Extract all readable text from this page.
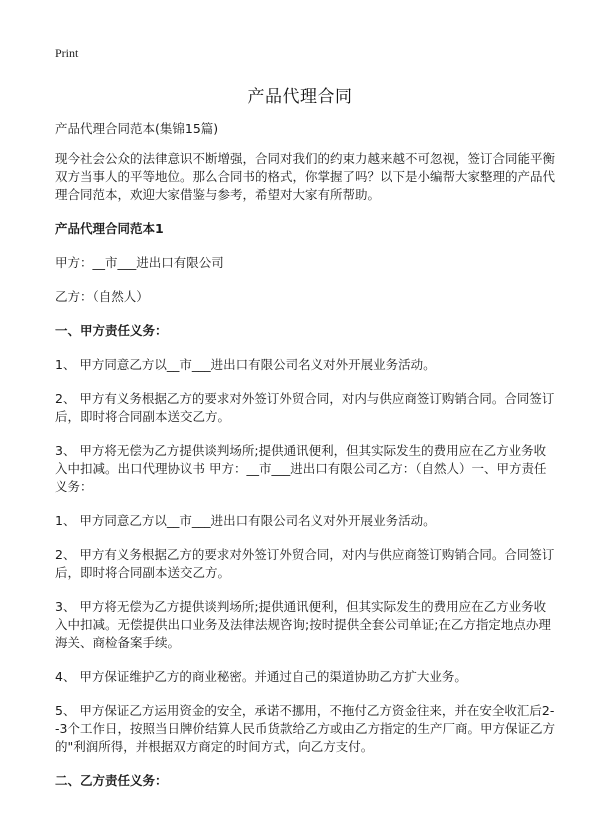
Print
产品代理合同

产品代理合同范本(集锦15篇)

现今社会公众的法律意识不断增强，合同对我们的约束力越来越不可忽视，签订合同能平衡双方当事人的平等地位。那么合同书的格式，你掌握了吗？以下是小编帮大家整理的产品代理合同范本，欢迎大家借鉴与参考，希望对大家有所帮助。

产品代理合同范本1

甲方：__市___进出口有限公司

乙方：（自然人）

一、甲方责任义务：

1、 甲方同意乙方以__市___进出口有限公司名义对外开展业务活动。

2、 甲方有义务根据乙方的要求对外签订外贸合同，对内与供应商签订购销合同。合同签订后，即时将合同副本送交乙方。

3、 甲方将无偿为乙方提供谈判场所;提供通讯便利，但其实际发生的费用应在乙方业务收入中扣减。出口代理协议书 甲方：__市___进出口有限公司乙方：（自然人）一、甲方责任义务：

1、 甲方同意乙方以__市___进出口有限公司名义对外开展业务活动。

2、 甲方有义务根据乙方的要求对外签订外贸合同，对内与供应商签订购销合同。合同签订后，即时将合同副本送交乙方。

3、 甲方将无偿为乙方提供谈判场所;提供通讯便利，但其实际发生的费用应在乙方业务收入中扣减。无偿提供出口业务及法律法规咨询;按时提供全套公司单证;在乙方指定地点办理海关、商检备案手续。

4、 甲方保证维护乙方的商业秘密。并通过自己的渠道协助乙方扩大业务。

5、 甲方保证乙方运用资金的安全，承诺不挪用，不拖付乙方资金往来，并在安全收汇后2--3个工作日，按照当日牌价结算人民币货款给乙方或由乙方指定的生产厂商。甲方保证乙方的"利润所得，并根据双方商定的时间方式，向乙方支付。

二、乙方责任义务：
